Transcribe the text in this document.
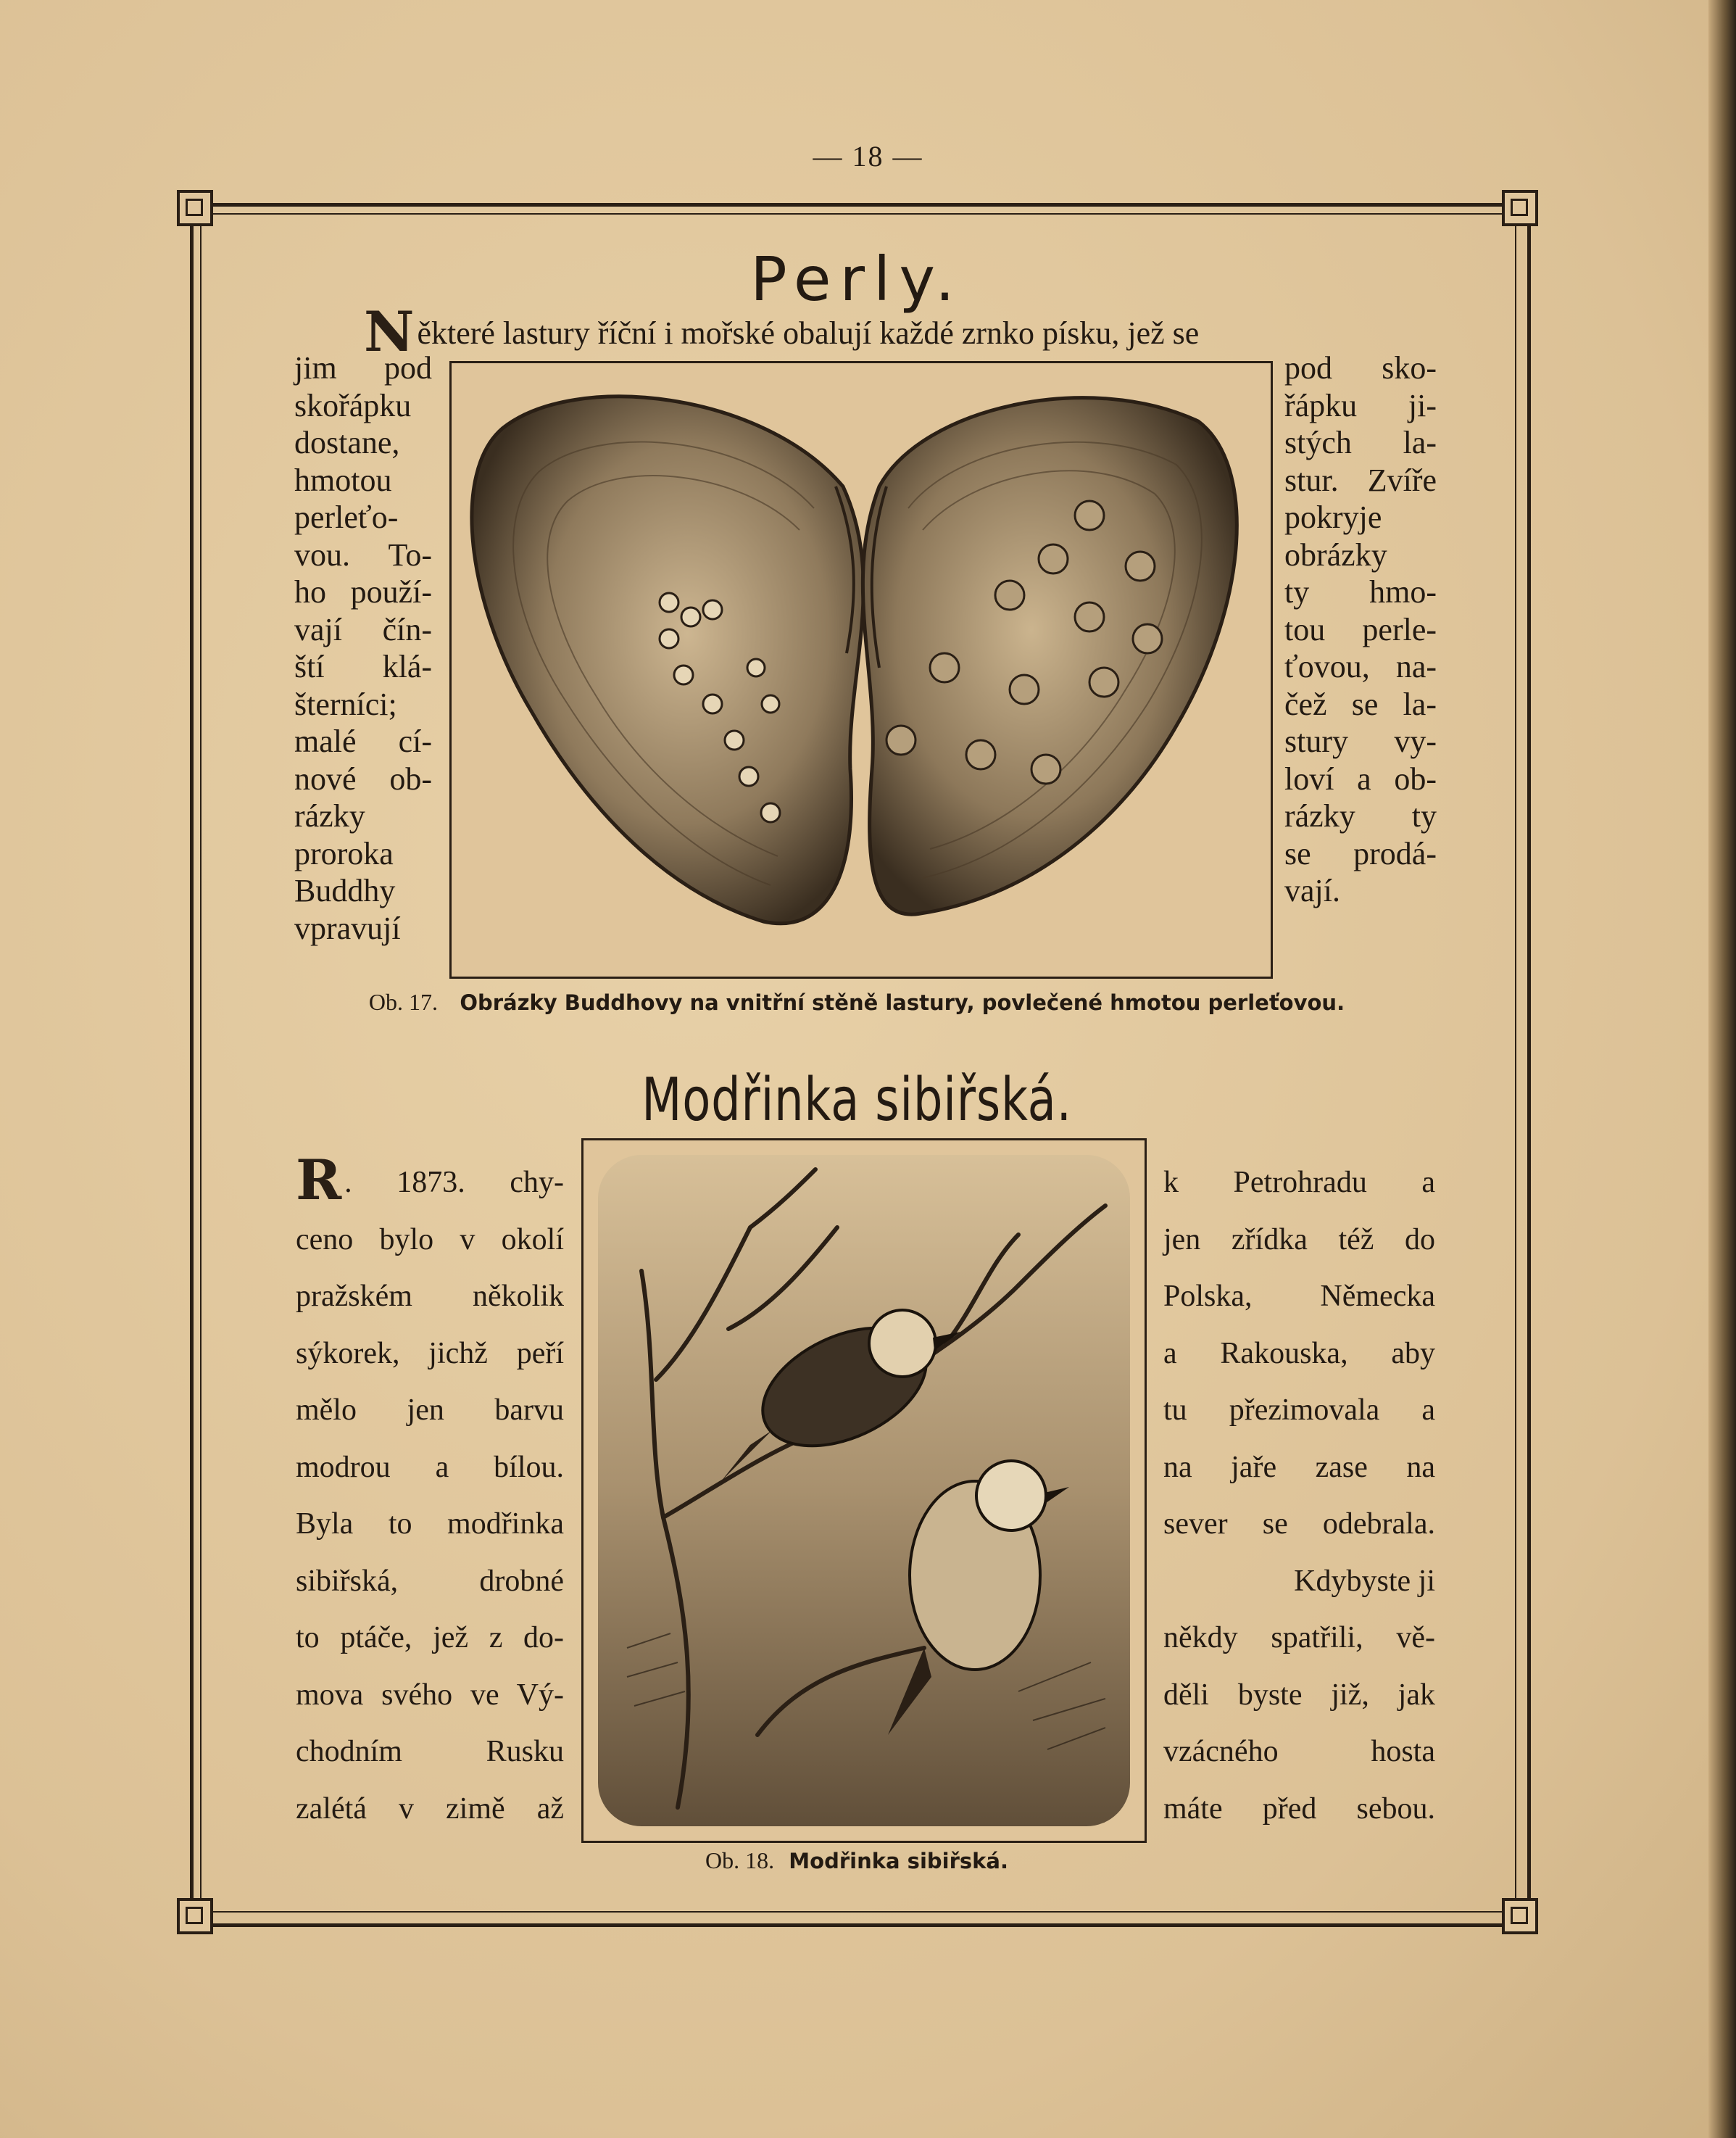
— 18 —
Perly.

Některé lastury říční i mořské obalují každé zrnko písku, jež se

jim pod
skořápku
dostane,
hmotou
perleťo-
vou. To-
ho použí-
vají čín-
ští klá-
šterníci;
malé cí-
nové ob-
rázky
proroka
Buddhy
vpravují
pod sko-
řápku ji-
stých la-
stur. Zvíře
pokryje
obrázky
ty hmo-
tou perle-
ťovou, na-
čež se la-
stury vy-
loví a ob-
rázky ty
se prodá-
vají.
Ob. 17. Obrázky Buddhovy na vnitřní stěně lastury, povlečené hmotou perleťovou.
Modřinka sibiřská.
R. 1873. chy-
ceno bylo v okolí
pražském několik
sýkorek, jichž peří
mělo jen barvu
modrou a bílou.
Byla to modřinka
sibiřská, drobné
to ptáče, jež z do-
mova svého ve Vý-
chodním Rusku
zalétá v zimě až
k Petrohradu a
jen zřídka též do
Polska, Německa
a Rakouska, aby
tu přezimovala a
na jaře zase na
sever se odebrala.
Kdybyste ji
někdy spatřili, vě-
děli byste již, jak
vzácného hosta
máte před sebou.
Ob. 18. Modřinka sibiřská.
